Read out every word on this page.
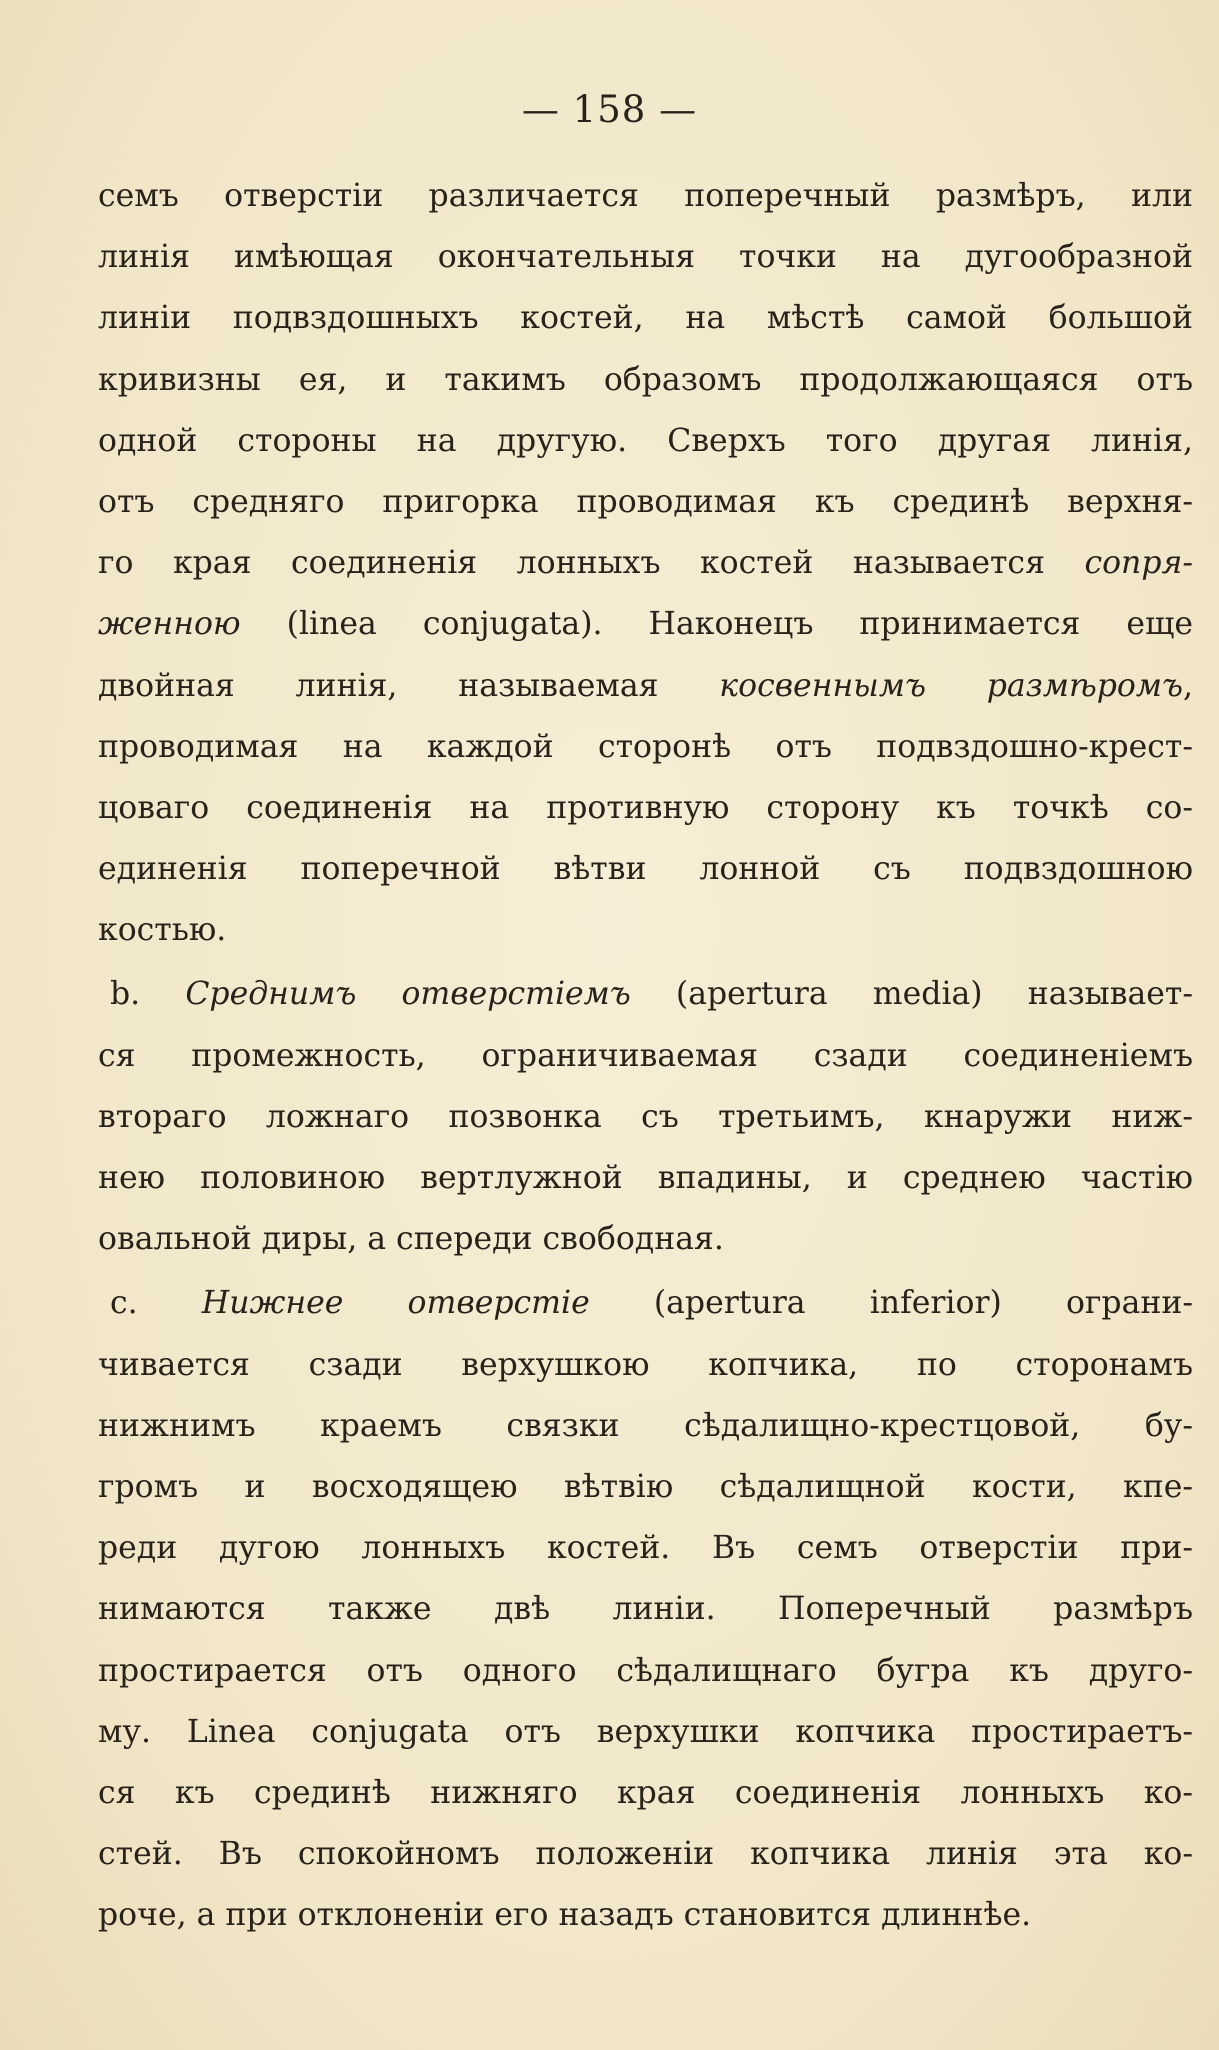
— 158 —
семъ отверстіи различается поперечный размѣръ, или
линія имѣющая окончательныя точки на дугообразной
линіи подвздошныхъ костей, на мѣстѣ самой большой
кривизны ея, и такимъ образомъ продолжающаяся отъ
одной стороны на другую. Сверхъ того другая линія,
отъ средняго пригорка проводимая къ срединѣ верхня-
го края соединенія лонныхъ костей называется сопря-
женною (linea conjugata). Наконецъ принимается еще
двойная линія, называемая косвеннымъ размѣромъ,
проводимая на каждой сторонѣ отъ подвздошно-крест-
цоваго соединенія на противную сторону къ точкѣ со-
единенія поперечной вѣтви лонной съ подвздошною
костью.
b. Среднимъ отверстіемъ (apertura media) называет-
ся промежность, ограничиваемая сзади соединеніемъ
втораго ложнаго позвонка съ третьимъ, кнаружи ниж-
нею половиною вертлужной впадины, и среднею частію
овальной диры, а спереди свободная.
c. Нижнее отверстіе (apertura inferior) ограни-
чивается сзади верхушкою копчика, по сторонамъ
нижнимъ краемъ связки сѣдалищно-крестцовой, бу-
громъ и восходящею вѣтвію сѣдалищной кости, кпе-
реди дугою лонныхъ костей. Въ семъ отверстіи при-
нимаются также двѣ линіи. Поперечный размѣръ
простирается отъ одного сѣдалищнаго бугра къ друго-
му. Linea conjugata отъ верхушки копчика простираетъ-
ся къ срединѣ нижняго края соединенія лонныхъ ко-
стей. Въ спокойномъ положеніи копчика линія эта ко-
роче, а при отклоненіи его назадъ становится длиннѣе.
